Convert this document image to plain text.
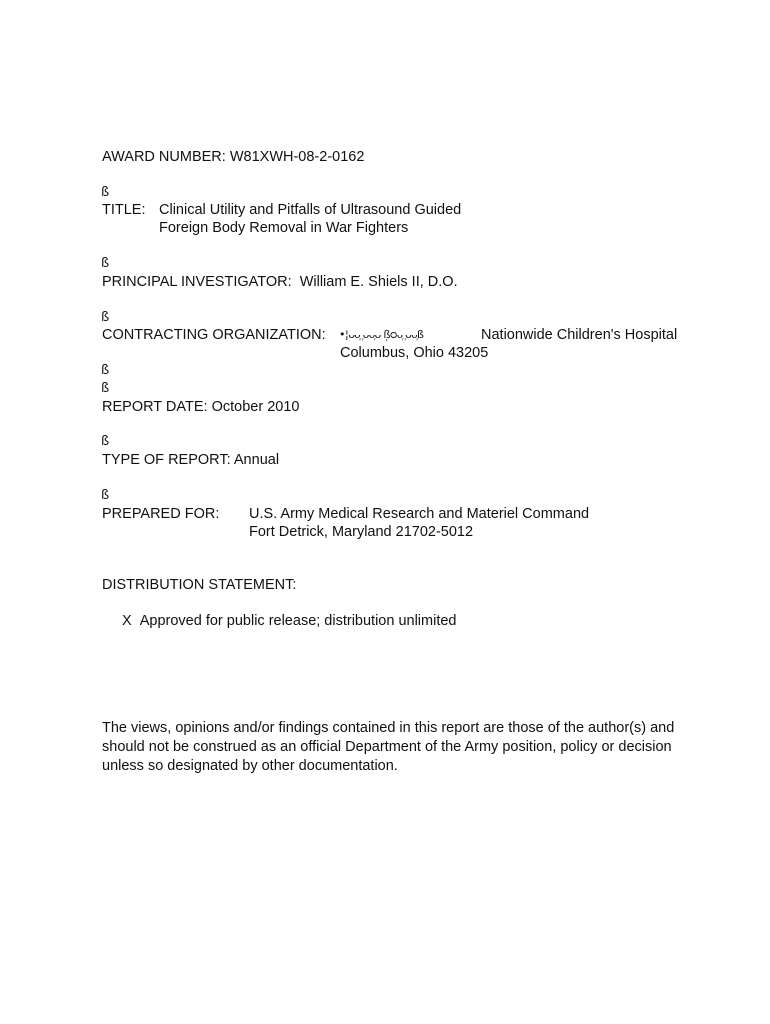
AWARD NUMBER: W81XWH-08-2-0162
ß
TITLE: Clinical Utility and Pitfalls of Ultrasound Guided
Foreign Body Removal in War Fighters
ß
PRINCIPAL INVESTIGATOR: William E. Shiels II, D.O.
ß
CONTRACTING ORGANIZATION: •¦ᴗᴗ᷊ ᷊ᴗᴗ᷊ᴗ ß᷊ᴑᴗ᷊ ᷊ᴗᴗ᷊ß	Nationwide Children's Hospital
Columbus, Ohio 43205
ß
ß
REPORT DATE: October 2010
ß
TYPE OF REPORT: Annual
ß
PREPARED FOR: U.S. Army Medical Research and Materiel Command
Fort Detrick, Maryland 21702-5012
DISTRIBUTION STATEMENT:
X Approved for public release; distribution unlimited
The views, opinions and/or findings contained in this report are those of the author(s) and should not be construed as an official Department of the Army position, policy or decision unless so designated by other documentation.
